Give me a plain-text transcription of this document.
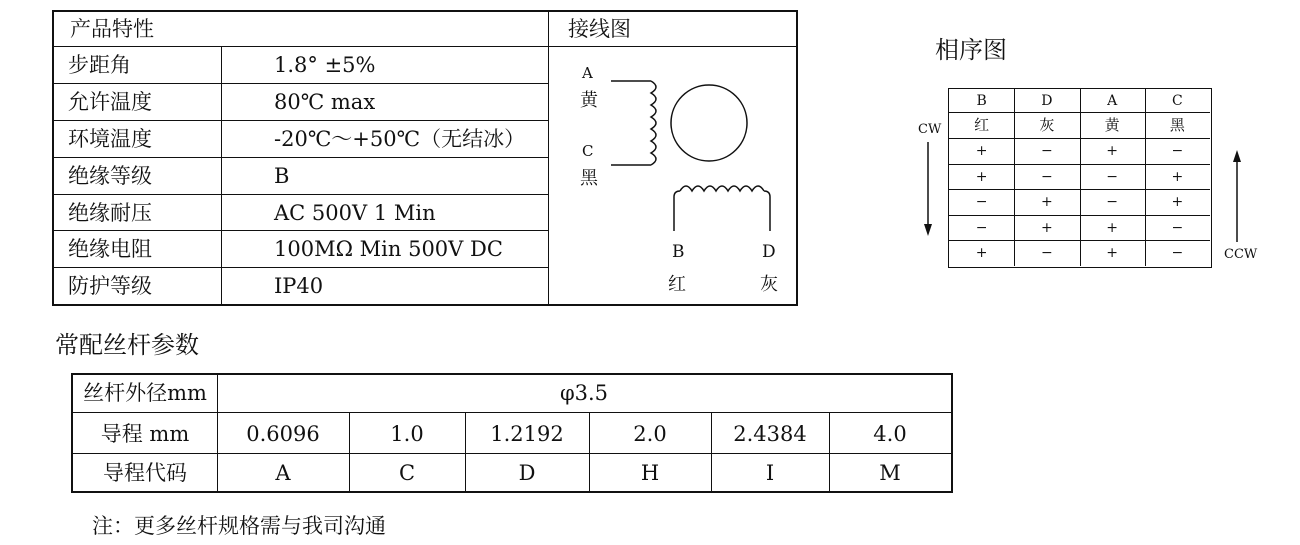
产品特性	接线图
步距角	1.8° ±5%
允许温度	80℃ max
环境温度	-20℃～+50℃（无结冰）
绝缘等级	B
绝缘耐压	AC 500V 1 Min
绝缘电阻	100MΩ Min 500V DC
防护等级	IP40
A
黄
C
黑
B
红
D
灰
相序图
B	D	A	C
红	灰	黄	黑
+	−	+	−
+	−	−	+
−	+	−	+
−	+	+	−
+	−	+	−
CW
CCW
常配丝杆参数
丝杆外径mm	φ3.5
导程 mm	0.6096	1.0	1.2192	2.0	2.4384	4.0
导程代码	A	C	D	H	I	M
注：更多丝杆规格需与我司沟通
